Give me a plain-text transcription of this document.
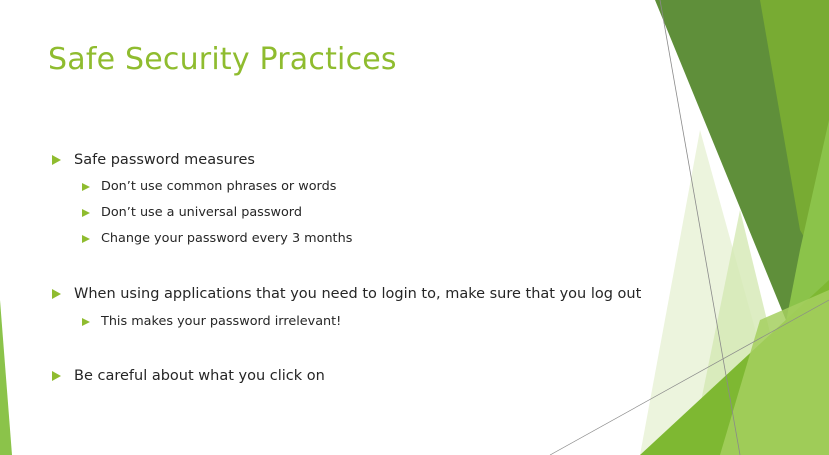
Safe Security Practices
Safe password measures
Don’t use common phrases or words
Don’t use a universal password
Change your password every 3 months
When using applications that you need to login to, make sure that you log out
This makes your password irrelevant!
Be careful about what you click on
